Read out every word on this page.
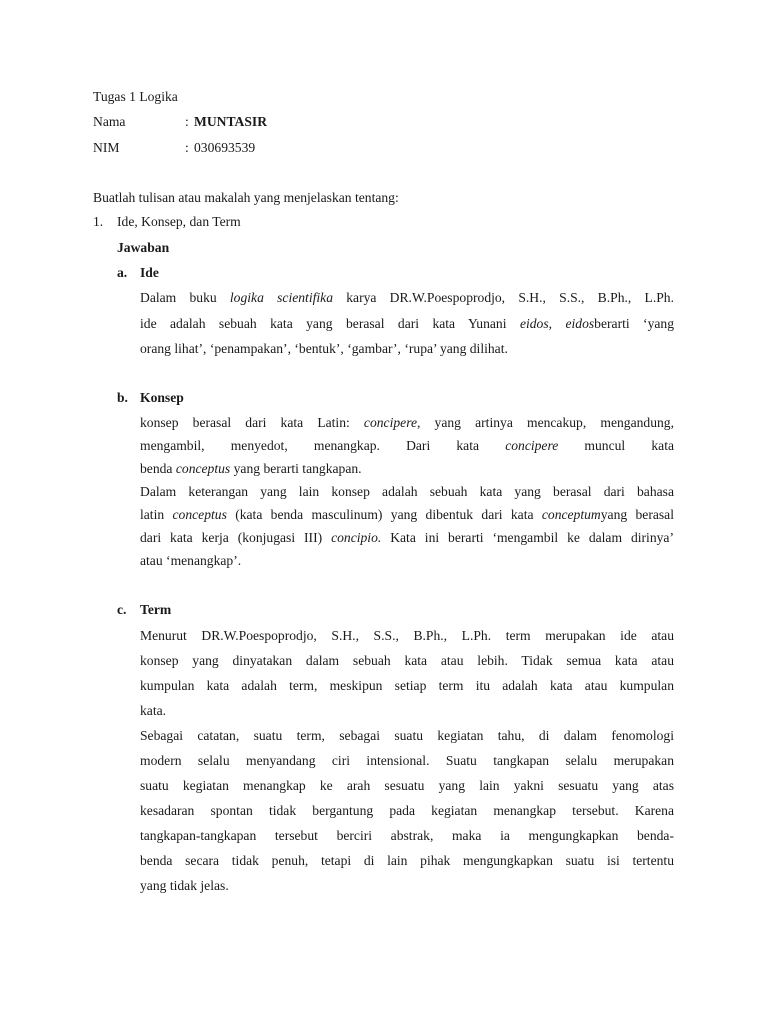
Tugas 1 Logika
Nama	: MUNTASIR
NIM	: 030693539
Buatlah tulisan atau makalah yang menjelaskan tentang:
1. Ide, Konsep, dan Term
Jawaban
a. Ide
Dalam buku logika scientifika karya DR.W.Poespoprodjo, S.H., S.S., B.Ph., L.Ph.
ide adalah sebuah kata yang berasal dari kata Yunani eidos, eidosberarti ‘yang
orang lihat’, ‘penampakan’, ‘bentuk’, ‘gambar’, ‘rupa’ yang dilihat.
b. Konsep
konsep berasal dari kata Latin: concipere, yang artinya mencakup, mengandung,
mengambil, menyedot, menangkap. Dari kata concipere muncul kata
benda conceptus yang berarti tangkapan.
Dalam keterangan yang lain konsep adalah sebuah kata yang berasal dari bahasa
latin conceptus (kata benda masculinum) yang dibentuk dari kata conceptumyang berasal
dari kata kerja (konjugasi III) concipio. Kata ini berarti ‘mengambil ke dalam dirinya’
atau ‘menangkap’.
c. Term
Menurut DR.W.Poespoprodjo, S.H., S.S., B.Ph., L.Ph. term merupakan ide atau
konsep yang dinyatakan dalam sebuah kata atau lebih. Tidak semua kata atau
kumpulan kata adalah term, meskipun setiap term itu adalah kata atau kumpulan
kata.
Sebagai catatan, suatu term, sebagai suatu kegiatan tahu, di dalam fenomologi
modern selalu menyandang ciri intensional. Suatu tangkapan selalu merupakan
suatu kegiatan menangkap ke arah sesuatu yang lain yakni sesuatu yang atas
kesadaran spontan tidak bergantung pada kegiatan menangkap tersebut. Karena
tangkapan-tangkapan tersebut berciri abstrak, maka ia mengungkapkan benda-
benda secara tidak penuh, tetapi di lain pihak mengungkapkan suatu isi tertentu
yang tidak jelas.
